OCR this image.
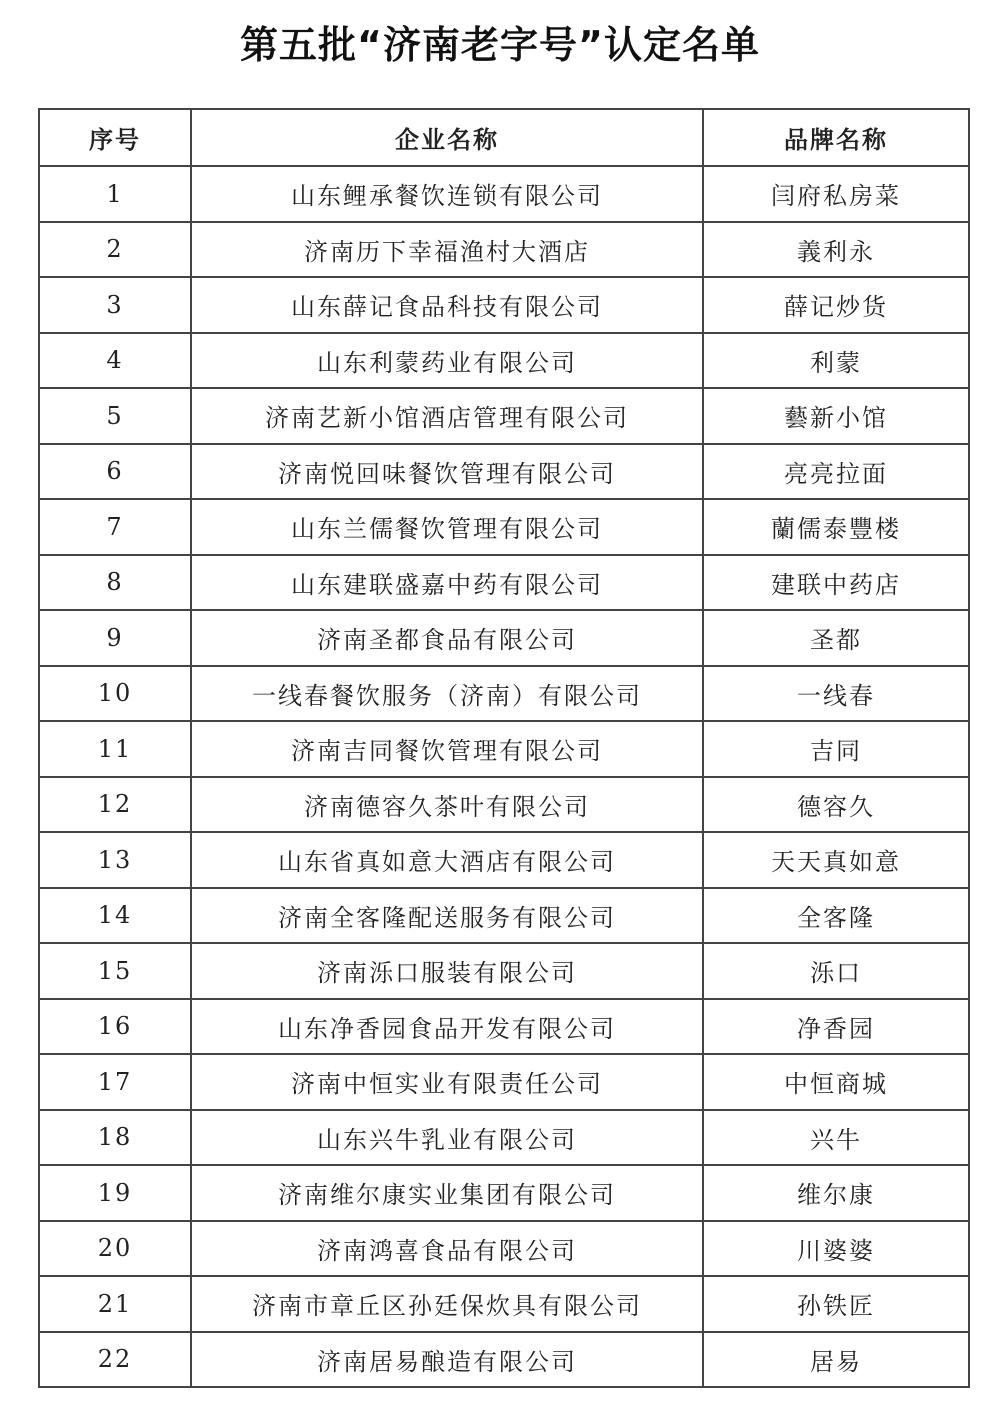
第五批“济南老字号”认定名单
序号	企业名称	品牌名称
1	山东鲤承餐饮连锁有限公司	闫府私房菜
2	济南历下幸福渔村大酒店	義利永
3	山东薛记食品科技有限公司	薛记炒货
4	山东利蒙药业有限公司	利蒙
5	济南艺新小馆酒店管理有限公司	藝新小馆
6	济南悦回味餐饮管理有限公司	亮亮拉面
7	山东兰儒餐饮管理有限公司	蘭儒泰豐楼
8	山东建联盛嘉中药有限公司	建联中药店
9	济南圣都食品有限公司	圣都
10	一线春餐饮服务（济南）有限公司	一线春
11	济南吉同餐饮管理有限公司	吉同
12	济南德容久茶叶有限公司	德容久
13	山东省真如意大酒店有限公司	天天真如意
14	济南全客隆配送服务有限公司	全客隆
15	济南泺口服装有限公司	泺口
16	山东净香园食品开发有限公司	净香园
17	济南中恒实业有限责任公司	中恒商城
18	山东兴牛乳业有限公司	兴牛
19	济南维尔康实业集团有限公司	维尔康
20	济南鸿喜食品有限公司	川婆婆
21	济南市章丘区孙廷保炊具有限公司	孙铁匠
22	济南居易酿造有限公司	居易
